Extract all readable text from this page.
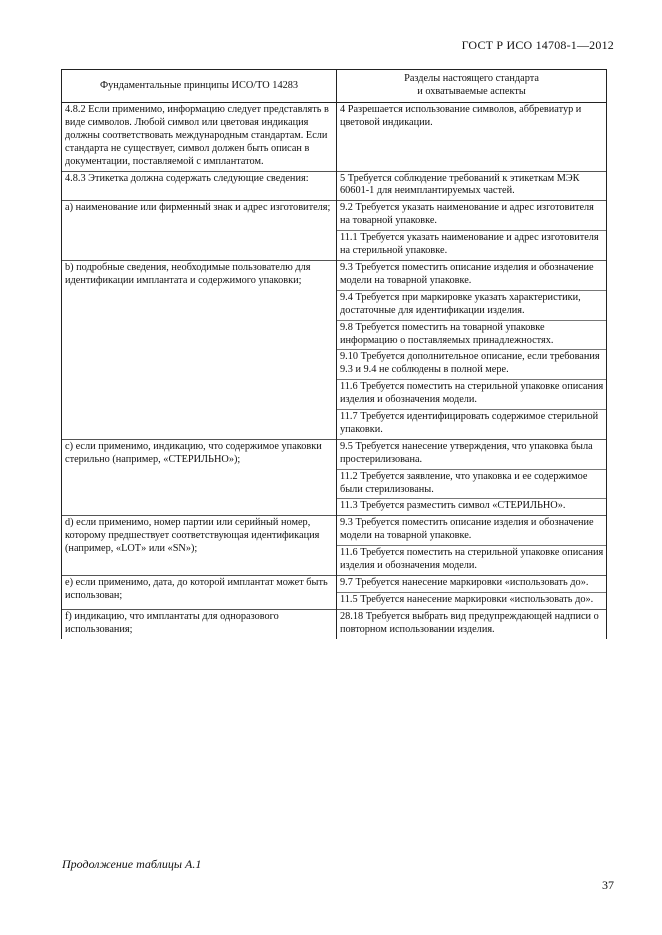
ГОСТ Р ИСО 14708-1—2012
Фундаментальные принципы ИСО/ТО 14283	Разделы настоящего стандарта
и охватываемые аспекты
4.8.2 Если применимо, информацию следует представлять в виде символов. Любой символ или цветовая индикация должны соответствовать международным стандартам. Если стандарта не существует, символ должен быть описан в документации, поставляемой с имплантатом.	4 Разрешается использование символов, аббревиатур и цветовой индикации.
4.8.3 Этикетка должна содержать следующие сведения:	5 Требуется соблюдение требований к этикеткам МЭК 60601-1 для неимплантируемых частей.
а) наименование или фирменный знак и адрес изготовителя;	9.2 Требуется указать наименование и адрес изготовителя на товарной упаковке.
	11.1 Требуется указать наименование и адрес изготовителя на стерильной упаковке.
b) подробные сведения, необходимые пользователю для идентификации имплантата и содержимого упаковки;	9.3 Требуется поместить описание изделия и обозначение модели на товарной упаковке.
	9.4 Требуется при маркировке указать характеристики, достаточные для идентификации изделия.
	9.8 Требуется поместить на товарной упаковке информацию о поставляемых принадлежностях.
	9.10 Требуется дополнительное описание, если требования 9.3 и 9.4 не соблюдены в полной мере.
	11.6 Требуется поместить на стерильной упаковке описания изделия и обозначения модели.
	11.7 Требуется идентифицировать содержимое стерильной упаковки.
с) если применимо, индикацию, что содержимое упаковки стерильно (например, «СТЕРИЛЬНО»);	9.5 Требуется нанесение утверждения, что упаковка была простерилизована.
	11.2 Требуется заявление, что упаковка и ее содержимое были стерилизованы.
	11.3 Требуется разместить символ «СТЕРИЛЬНО».
d) если применимо, номер партии или серийный номер, которому предшествует соответствующая идентификация (например, «LOT» или «SN»);	9.3 Требуется поместить описание изделия и обозначение модели на товарной упаковке.
	11.6 Требуется поместить на стерильной упаковке описания изделия и обозначения модели.
е) если применимо, дата, до которой имплантат может быть использован;	9.7 Требуется нанесение маркировки «использовать до».
	11.5 Требуется нанесение маркировки «использовать до».
f) индикацию, что имплантаты для одноразового использования;	28.18 Требуется выбрать вид предупреждающей надписи о повторном использовании изделия.
Продолжение таблицы А.1
37
